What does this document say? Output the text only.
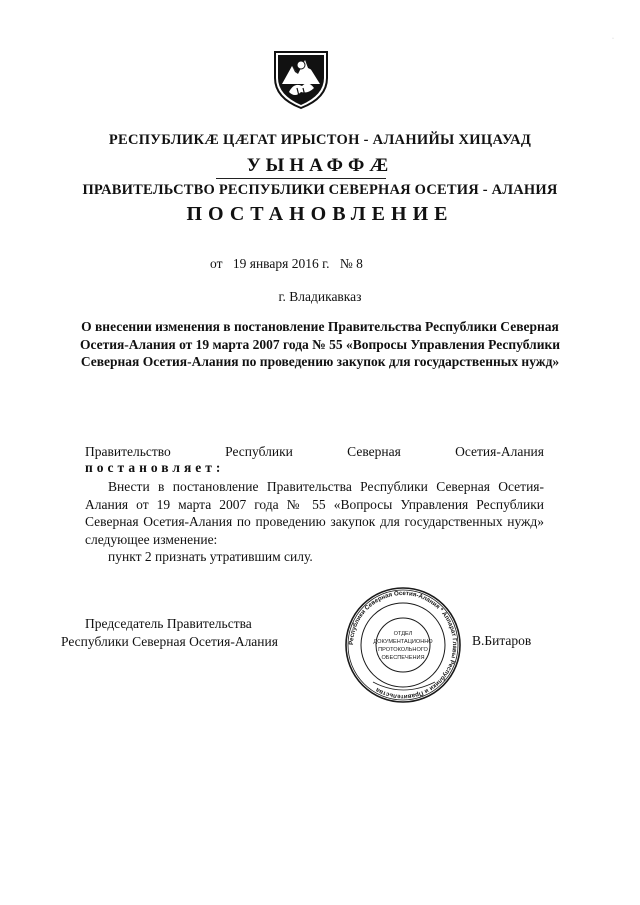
·
РЕСПУБЛИКӔ ЦӔГАТ ИРЫСТОН - АЛАНИЙЫ ХИЦАУАД
УЫНАФФӔ
ПРАВИТЕЛЬСТВО РЕСПУБЛИКИ СЕВЕРНАЯ ОСЕТИЯ - АЛАНИЯ
ПОСТАНОВЛЕНИЕ
от 19 января 2016 г. № 8
г. Владикавказ
О внесении изменения в постановление Правительства Республики Северная Осетия-Алания от 19 марта 2007 года № 55 «Вопросы Управления Республики Северная Осетия-Алания по проведению закупок для государственных нужд»
Правительство	Республики	Северная	Осетия-Алания
постановляет:
Внести в постановление Правительства Республики Северная Осетия-Алания от 19 марта 2007 года № 55 «Вопросы Управления Республики Северная Осетия-Алания по проведению закупок для государственных нужд» следующее изменение:
пункт 2 признать утратившим силу.
Председатель Правительства
Республики Северная Осетия-Алания	Республики Северная Осетия-Алания * Аппарат Главы Республики и Правительства
ОТДЕЛ
ДОКУМЕНТАЦИОННО
ПРОТОКОЛЬНОГО
ОБЕСПЕЧЕНИЯ
ОТДЕЛ ДОКУМЕНТАЦИОННОГО ПРОТОКОЛЬНОГО ОБЕСПЕЧЕНИЯ
В.Битаров
